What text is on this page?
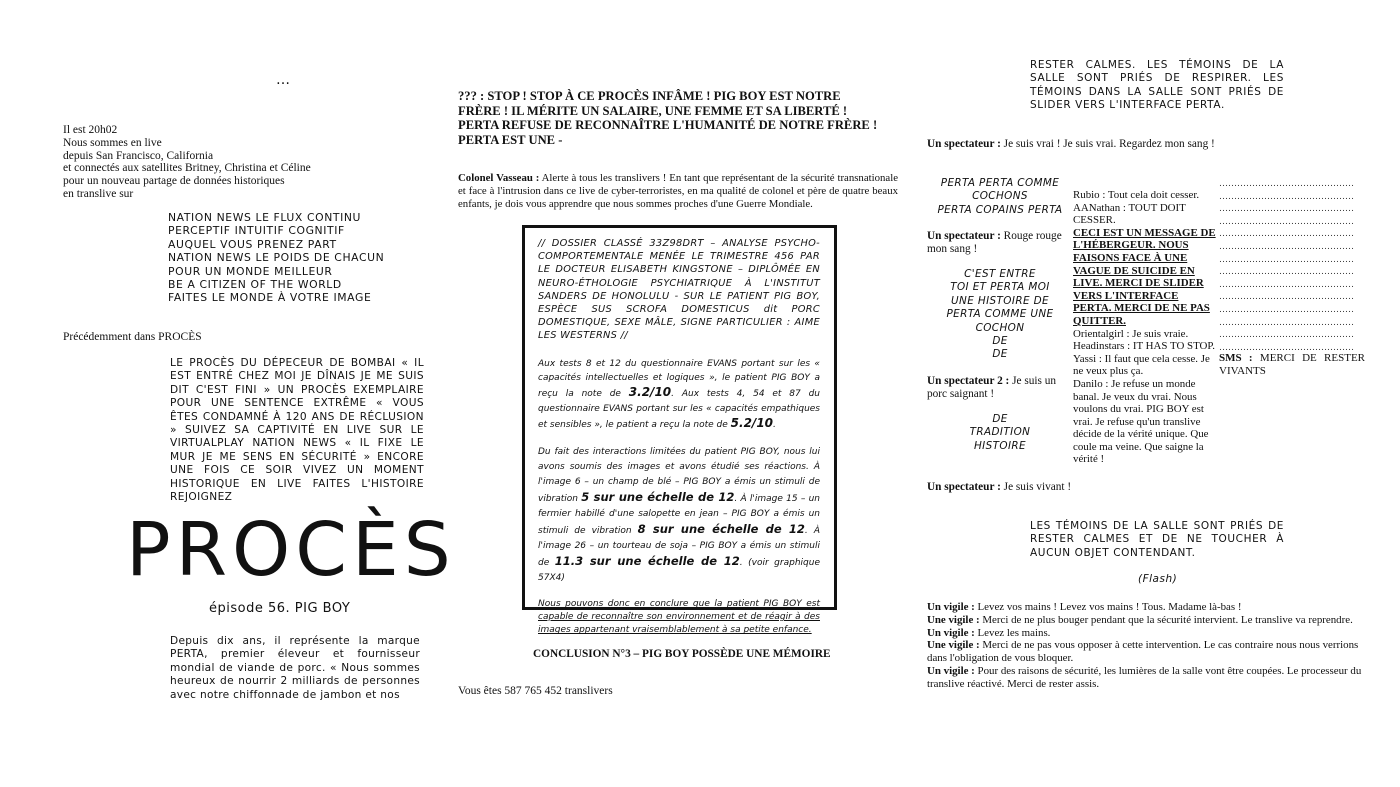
…
Il est 20h02
Nous sommes en live
depuis San Francisco, California
et connectés aux satellites Britney, Christina et Céline
pour un nouveau partage de données historiques
en translive sur
NATION NEWS LE FLUX CONTINU
PERCEPTIF INTUITIF COGNITIF
AUQUEL VOUS PRENEZ PART
NATION NEWS LE POIDS DE CHACUN
POUR UN MONDE MEILLEUR
BE A CITIZEN OF THE WORLD
FAITES LE MONDE À VOTRE IMAGE
Précédemment dans PROCÈS
LE PROCÈS DU DÉPECEUR DE BOMBAI « IL EST ENTRÉ CHEZ MOI JE DÎNAIS JE ME SUIS DIT C'EST FINI » UN PROCÈS EXEMPLAIRE POUR UNE SENTENCE EXTRÊME « VOUS ÊTES CONDAMNÉ À 120 ANS DE RÉCLUSION » SUIVEZ SA CAPTIVITÉ EN LIVE SUR LE VIRTUALPLAY NATION NEWS « IL FIXE LE MUR JE ME SENS EN SÉCURITÉ » ENCORE UNE FOIS CE SOIR VIVEZ UN MOMENT HISTORIQUE EN LIVE FAITES L'HISTOIRE REJOIGNEZ
PROCÈS
épisode 56. PIG BOY
Depuis dix ans, il représente la marque PERTA, premier éleveur et fournisseur mondial de viande de porc. « Nous sommes heureux de nourrir 2 milliards de personnes avec notre chiffonnade de jambon et nos
??? : STOP ! STOP À CE PROCÈS INFÂME ! PIG BOY EST NOTRE FRÈRE ! IL MÉRITE UN SALAIRE, UNE FEMME ET SA LIBERTÉ ! PERTA REFUSE DE RECONNAÎTRE L'HUMANITÉ DE NOTRE FRÈRE ! PERTA EST UNE -
Colonel Vasseau : Alerte à tous les translivers ! En tant que représentant de la sécurité transnationale et face à l'intrusion dans ce live de cyber-terroristes, en ma qualité de colonel et père de quatre beaux enfants, je dois vous apprendre que nous sommes proches d'une Guerre Mondiale.
// DOSSIER CLASSÉ 33Z98DRT – ANALYSE PSYCHO-COMPORTEMENTALE MENÉE LE TRIMESTRE 456 PAR LE DOCTEUR ELISABETH KINGSTONE – DIPLÔMÉE EN NEURO-ÉTHOLOGIE PSYCHIATRIQUE À L'INSTITUT SANDERS DE HONOLULU - SUR LE PATIENT PIG BOY, ESPÈCE SUS SCROFA DOMESTICUS dit PORC DOMESTIQUE, SEXE MÂLE, SIGNE PARTICULIER : AIME LES WESTERNS //
Aux tests 8 et 12 du questionnaire EVANS portant sur les « capacités intellectuelles et logiques », le patient PIG BOY a reçu la note de 3.2/10. Aux tests 4, 54 et 87 du questionnaire EVANS portant sur les « capacités empathiques et sensibles », le patient a reçu la note de 5.2/10.
Du fait des interactions limitées du patient PIG BOY, nous lui avons soumis des images et avons étudié ses réactions. À l'image 6 – un champ de blé – PIG BOY a émis un stimuli de vibration 5 sur une échelle de 12. À l'image 15 – un fermier habillé d'une salopette en jean – PIG BOY a émis un stimuli de vibration 8 sur une échelle de 12. À l'image 26 – un tourteau de soja – PIG BOY a émis un stimuli de 11.3 sur une échelle de 12. (voir graphique 57X4)
Nous pouvons donc en conclure que la patient PIG BOY est capable de reconnaître son environnement et de réagir à des images appartenant vraisemblablement à sa petite enfance.
CONCLUSION N°3 – PIG BOY POSSÈDE UNE MÉMOIRE
Vous êtes 587 765 452 translivers
RESTER CALMES. LES TÉMOINS DE LA SALLE SONT PRIÉS DE RESPIRER. LES TÉMOINS DANS LA SALLE SONT PRIÉS DE SLIDER VERS L'INTERFACE PERTA.
Un spectateur : Je suis vrai ! Je suis vrai. Regardez mon sang !
PERTA PERTA COMME
COCHONS
PERTA COPAINS PERTA
Un spectateur : Rouge rouge mon sang !
C'EST ENTRE
TOI ET PERTA MOI
UNE HISTOIRE DE
PERTA COMME UNE
COCHON
DE
DE
Un spectateur 2 : Je suis un porc saignant !
DE
TRADITION
HISTOIRE
Rubio : Tout cela doit cesser.
AANathan : TOUT DOIT CESSER.
CECI EST UN MESSAGE DE L'HÉBERGEUR. NOUS FAISONS FACE À UNE VAGUE DE SUICIDE EN LIVE. MERCI DE SLIDER VERS L'INTERFACE PERTA. MERCI DE NE PAS QUITTER.
Orientalgirl : Je suis vraie.
Headinstars : IT HAS TO STOP.
Yassi : Il faut que cela cesse. Je ne veux plus ça.
Danilo : Je refuse un monde banal. Je veux du vrai. Nous voulons du vrai. PIG BOY est vrai. Je refuse qu'un translive décide de la vérité unique. Que coule ma veine. Que saigne la vérité !
………………………………………
………………………………………
………………………………………
………………………………………
………………………………………
………………………………………
………………………………………
………………………………………
………………………………………
………………………………………
………………………………………
………………………………………
………………………………………
………………………………………
SMS : MERCI DE RESTER VIVANTS
Un spectateur : Je suis vivant !
LES TÉMOINS DE LA SALLE SONT PRIÉS DE RESTER CALMES ET DE NE TOUCHER À AUCUN OBJET CONTENDANT.
(Flash)
Un vigile : Levez vos mains ! Levez vos mains ! Tous. Madame là-bas !
Une vigile : Merci de ne plus bouger pendant que la sécurité intervient. Le translive va reprendre.
Un vigile : Levez les mains.
Une vigile : Merci de ne pas vous opposer à cette intervention. Le cas contraire nous nous verrions dans l'obligation de vous bloquer.
Un vigile : Pour des raisons de sécurité, les lumières de la salle vont être coupées. Le processeur du translive réactivé. Merci de rester assis.
